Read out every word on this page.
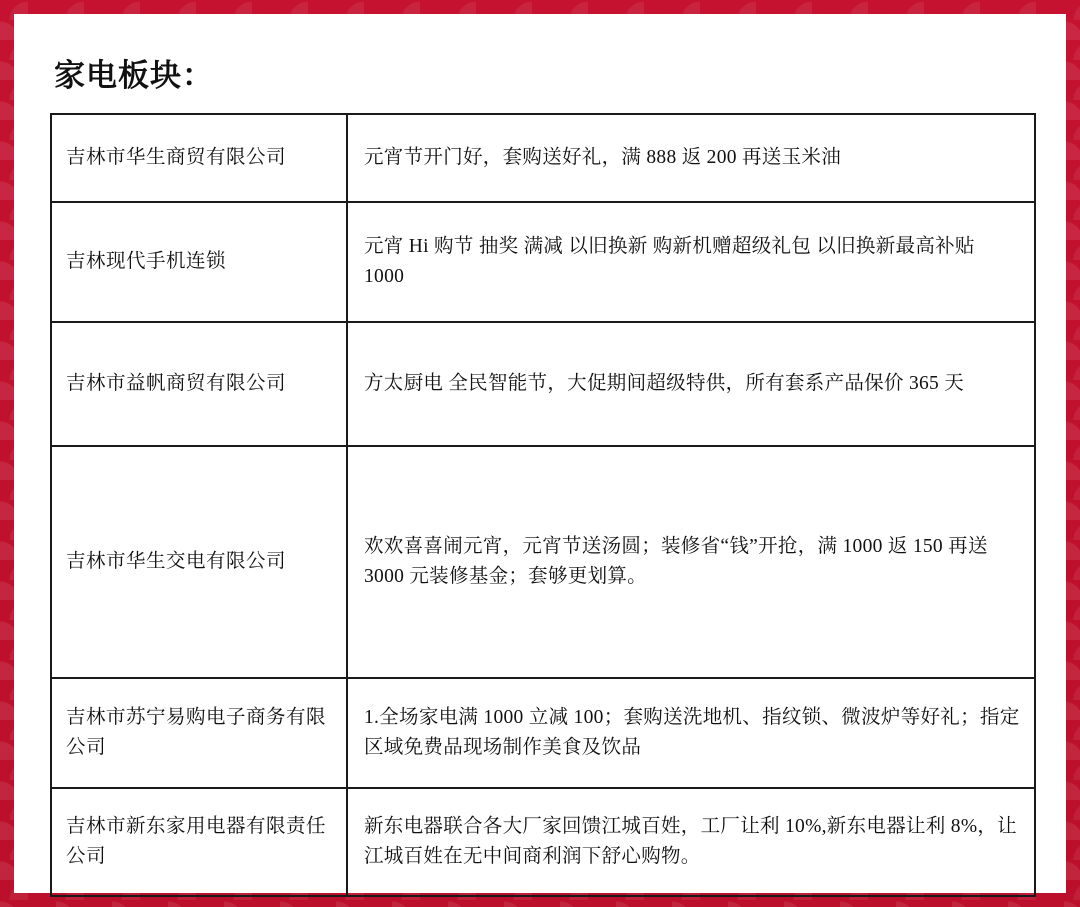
家电板块：
吉林市华生商贸有限公司	元宵节开门好，套购送好礼，满 888 返 200 再送玉米油
吉林现代手机连锁	元宵 Hi 购节 抽奖 满减 以旧换新 购新机赠超级礼包 以旧换新最高补贴 1000
吉林市益帆商贸有限公司	方太厨电 全民智能节，大促期间超级特供，所有套系产品保价 365 天
吉林市华生交电有限公司	欢欢喜喜闹元宵，元宵节送汤圆；装修省“钱”开抢，满 1000 返 150 再送 3000 元装修基金；套够更划算。
吉林市苏宁易购电子商务有限公司	1.全场家电满 1000 立减 100；套购送洗地机、指纹锁、微波炉等好礼；指定区域免费品现场制作美食及饮品
吉林市新东家用电器有限责任公司	新东电器联合各大厂家回馈江城百姓，工厂让利 10%,新东电器让利 8%，让江城百姓在无中间商利润下舒心购物。
